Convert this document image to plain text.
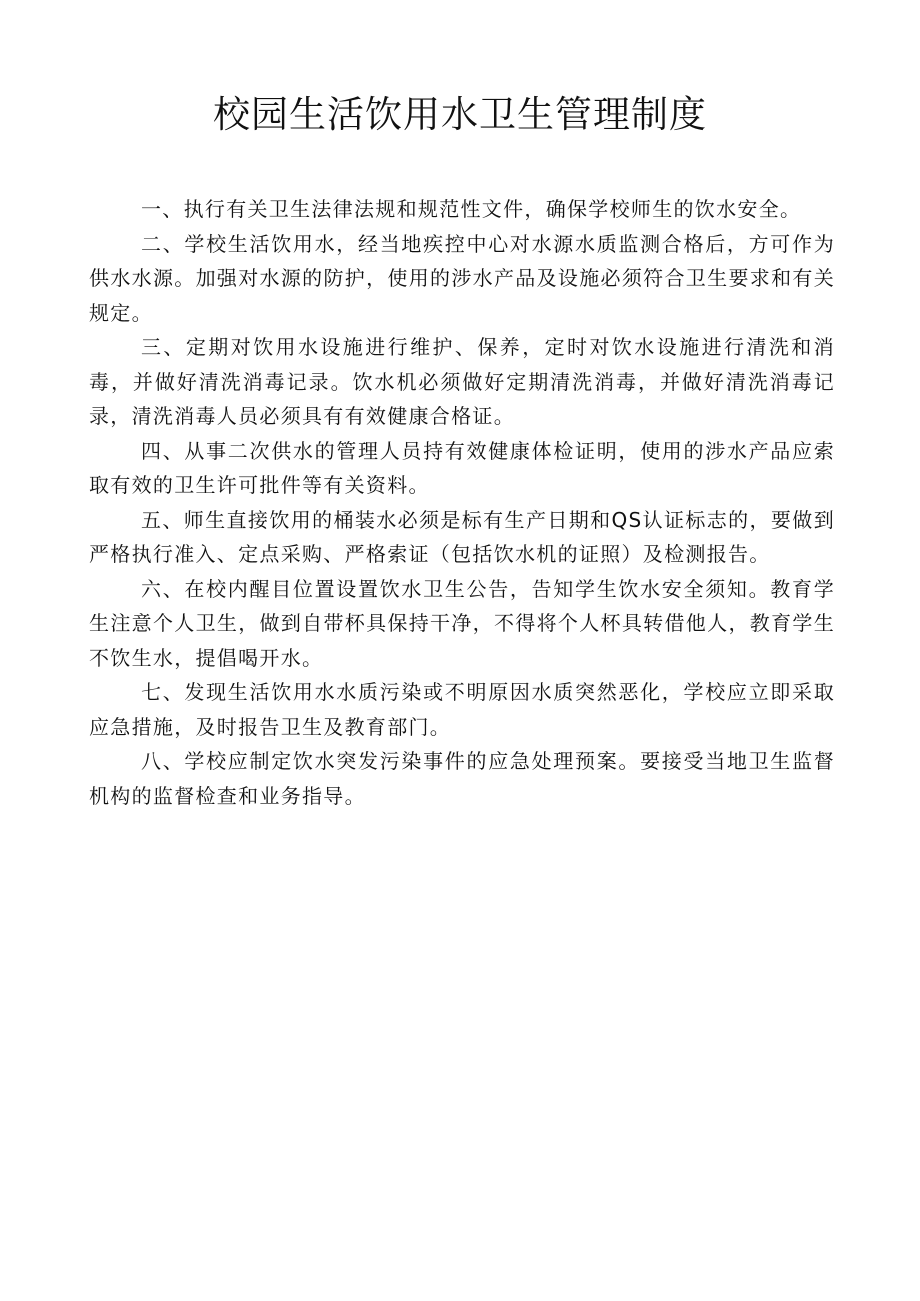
校园生活饮用水卫生管理制度

一、执行有关卫生法律法规和规范性文件，确保学校师生的饮水安全。

二、学校生活饮用水，经当地疾控中心对水源水质监测合格后，方可作为供水水源。加强对水源的防护，使用的涉水产品及设施必须符合卫生要求和有关规定。

三、定期对饮用水设施进行维护、保养，定时对饮水设施进行清洗和消毒，并做好清洗消毒记录。饮水机必须做好定期清洗消毒，并做好清洗消毒记录，清洗消毒人员必须具有有效健康合格证。

四、从事二次供水的管理人员持有效健康体检证明，使用的涉水产品应索取有效的卫生许可批件等有关资料。

五、师生直接饮用的桶装水必须是标有生产日期和QS认证标志的，要做到严格执行准入、定点采购、严格索证（包括饮水机的证照）及检测报告。

六、在校内醒目位置设置饮水卫生公告，告知学生饮水安全须知。教育学生注意个人卫生，做到自带杯具保持干净，不得将个人杯具转借他人，教育学生不饮生水，提倡喝开水。

七、发现生活饮用水水质污染或不明原因水质突然恶化，学校应立即采取应急措施，及时报告卫生及教育部门。

八、学校应制定饮水突发污染事件的应急处理预案。要接受当地卫生监督机构的监督检查和业务指导。
